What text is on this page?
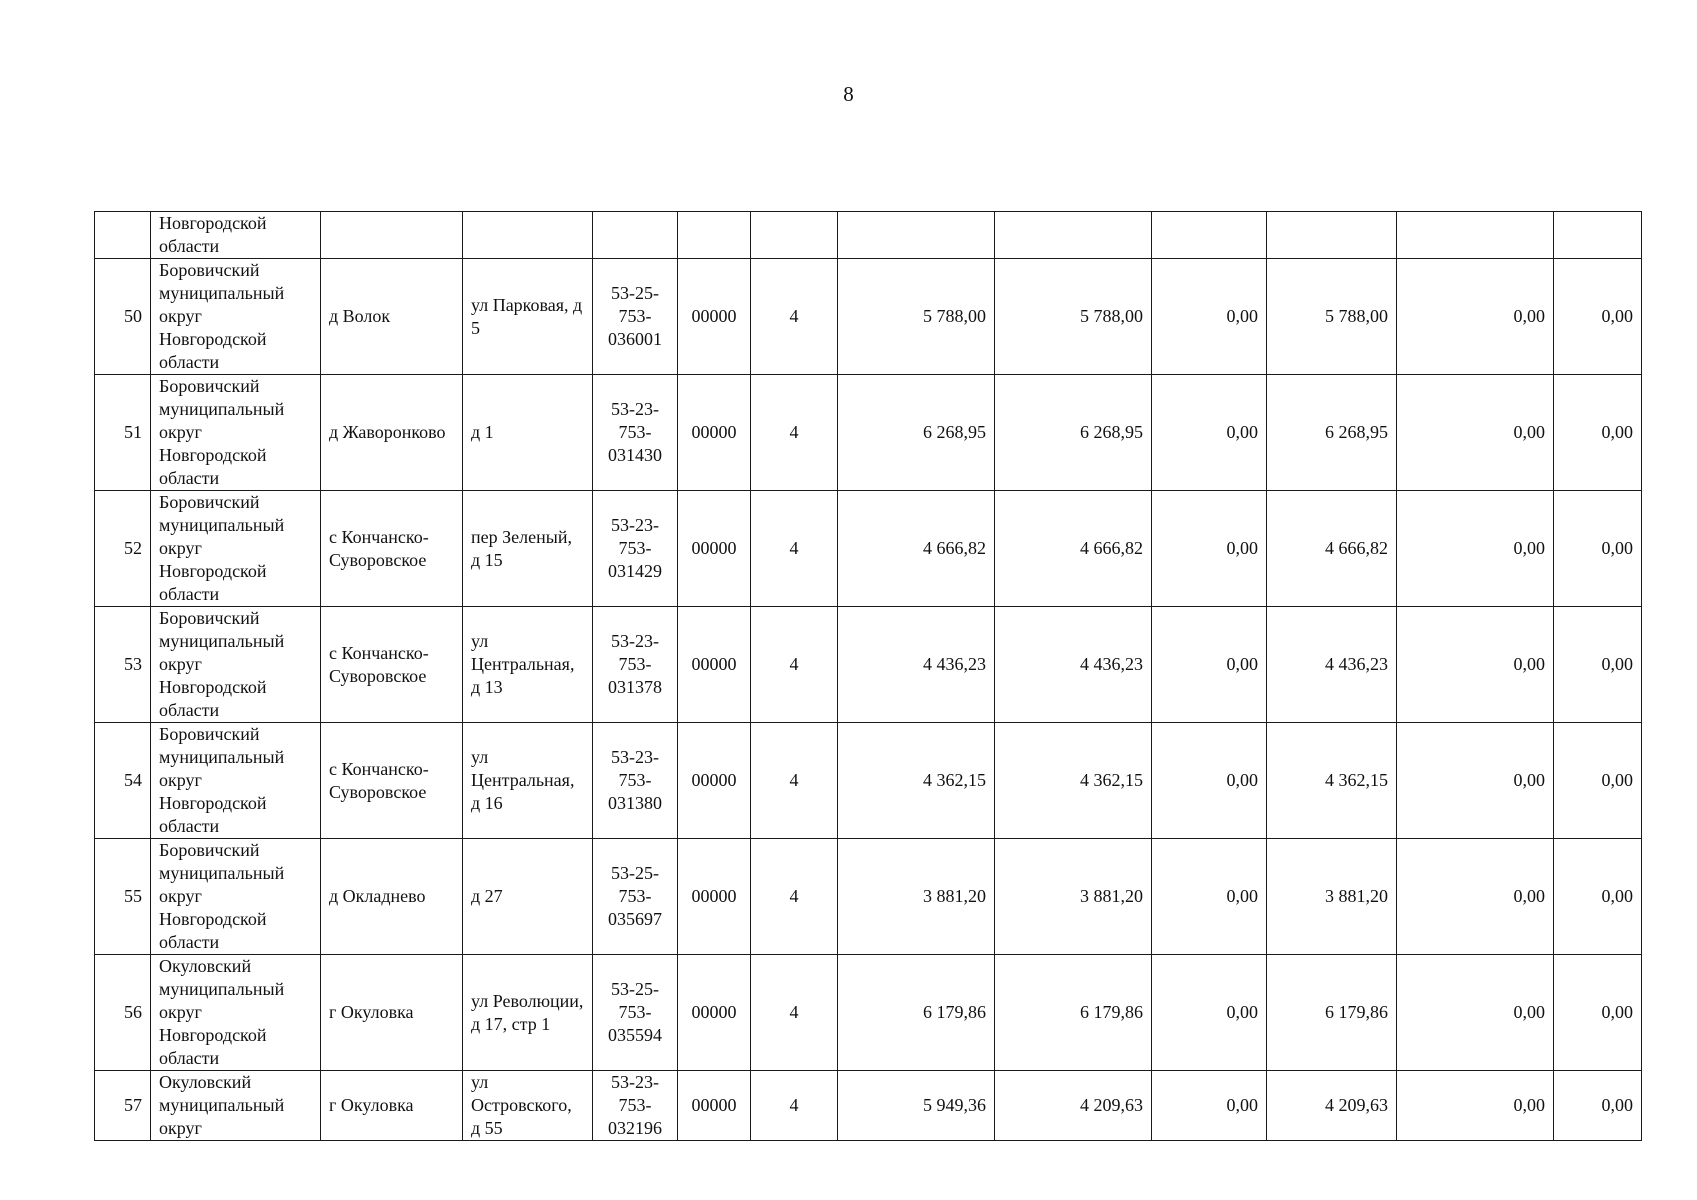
8
	Новгородской области											
50	Боровичский муниципальный округ Новгородской области	д Волок	ул Парковая, д 5	53-25-753-036001	00000	4	5 788,00	5 788,00	0,00	5 788,00	0,00	0,00
51	Боровичский муниципальный округ Новгородской области	д Жаворонково	д 1	53-23-753-031430	00000	4	6 268,95	6 268,95	0,00	6 268,95	0,00	0,00
52	Боровичский муниципальный округ Новгородской области	с Кончанско-Суворовское	пер Зеленый, д 15	53-23-753-031429	00000	4	4 666,82	4 666,82	0,00	4 666,82	0,00	0,00
53	Боровичский муниципальный округ Новгородской области	с Кончанско-Суворовское	ул Центральная, д 13	53-23-753-031378	00000	4	4 436,23	4 436,23	0,00	4 436,23	0,00	0,00
54	Боровичский муниципальный округ Новгородской области	с Кончанско-Суворовское	ул Центральная, д 16	53-23-753-031380	00000	4	4 362,15	4 362,15	0,00	4 362,15	0,00	0,00
55	Боровичский муниципальный округ Новгородской области	д Окладнево	д 27	53-25-753-035697	00000	4	3 881,20	3 881,20	0,00	3 881,20	0,00	0,00
56	Окуловский муниципальный округ Новгородской области	г Окуловка	ул Революции, д 17, стр 1	53-25-753-035594	00000	4	6 179,86	6 179,86	0,00	6 179,86	0,00	0,00
57	Окуловский муниципальный округ	г Окуловка	ул Островского, д 55	53-23-753-032196	00000	4	5 949,36	4 209,63	0,00	4 209,63	0,00	0,00
